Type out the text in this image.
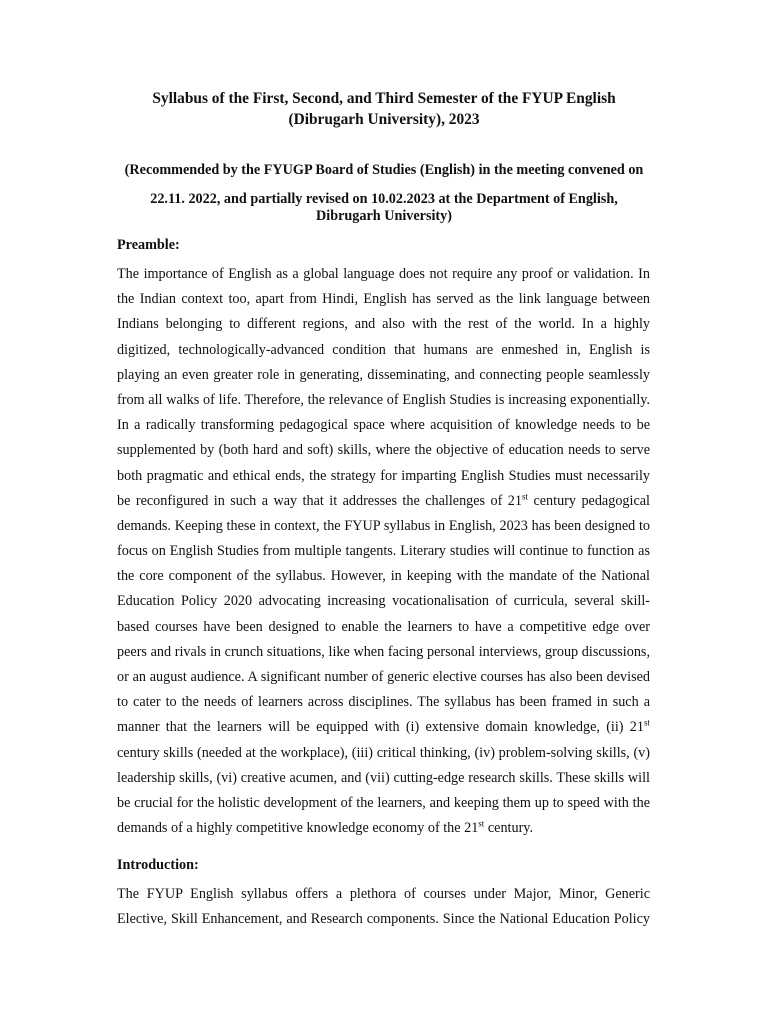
Syllabus of the First, Second, and Third Semester of the FYUP English
(Dibrugarh University), 2023

(Recommended by the FYUGP Board of Studies (English) in the meeting convened on

22.11. 2022, and partially revised on 10.02.2023 at the Department of English,
Dibrugarh University)

Preamble:
The importance of English as a global language does not require any proof or validation. In
the Indian context too, apart from Hindi, English has served as the link language between
Indians belonging to different regions, and also with the rest of the world. In a highly
digitized, technologically-advanced condition that humans are enmeshed in, English is
playing an even greater role in generating, disseminating, and connecting people seamlessly
from all walks of life. Therefore, the relevance of English Studies is increasing exponentially.
In a radically transforming pedagogical space where acquisition of knowledge needs to be
supplemented by (both hard and soft) skills, where the objective of education needs to serve
both pragmatic and ethical ends, the strategy for imparting English Studies must necessarily
be reconfigured in such a way that it addresses the challenges of 21st century pedagogical
demands. Keeping these in context, the FYUP syllabus in English, 2023 has been designed to
focus on English Studies from multiple tangents. Literary studies will continue to function as
the core component of the syllabus. However, in keeping with the mandate of the National
Education Policy 2020 advocating increasing vocationalisation of curricula, several skill-
based courses have been designed to enable the learners to have a competitive edge over
peers and rivals in crunch situations, like when facing personal interviews, group discussions,
or an august audience. A significant number of generic elective courses has also been devised
to cater to the needs of learners across disciplines. The syllabus has been framed in such a
manner that the learners will be equipped with (i) extensive domain knowledge, (ii) 21st
century skills (needed at the workplace), (iii) critical thinking, (iv) problem-solving skills, (v)
leadership skills, (vi) creative acumen, and (vii) cutting-edge research skills. These skills will
be crucial for the holistic development of the learners, and keeping them up to speed with the
demands of a highly competitive knowledge economy of the 21st century.
Introduction:
The FYUP English syllabus offers a plethora of courses under Major, Minor, Generic
Elective, Skill Enhancement, and Research components. Since the National Education Policy
